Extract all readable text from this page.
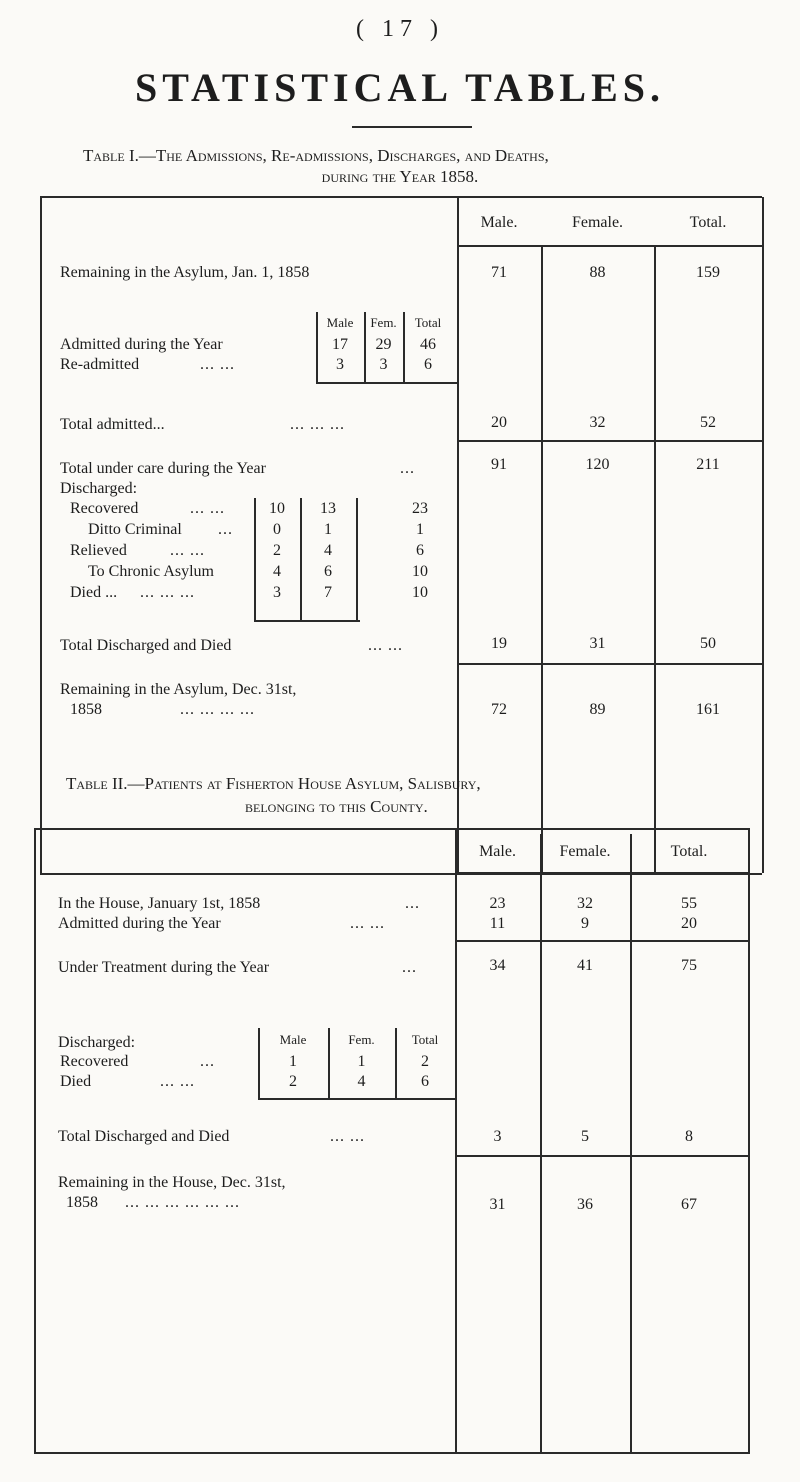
( 17 )
STATISTICAL TABLES.
Table I.—The Admissions, Re-admissions, Discharges, and Deaths,
during the Year 1858.
Male.	Female.	Total.
Remaining in the Asylum, Jan. 1, 1858	71	88	159
Male	Fem.	Total
Admitted during the Year	17	29	46
Re-admitted	... ...	3	3	6
Total admitted...	... ... ...	20	32	52
Total under care during the Year	...	91	120	211
Discharged:
Recovered	... ...	10	13	23
Ditto Criminal ...	0	1	1
Relieved	... ...	2	4	6
To Chronic Asylum	4	6	10
Died ... ... ... ...	3	7	10
Total Discharged and Died	... ...	19	31	50
Remaining in the Asylum, Dec. 31st,
1858	... ... ... ...	72	89	161
Table II.—Patients at Fisherton House Asylum, Salisbury,
belonging to this County.
Male.	Female.	Total.
In the House, January 1st, 1858	...	23	32	55
Admitted during the Year	... ...	11	9	20
Under Treatment during the Year	...	34	41	75
Discharged:	Male	Fem.	Total
Recovered	...	1	1	2
Died	... ...	2	4	6
Total Discharged and Died	... ...	3	5	8
Remaining in the House, Dec. 31st,
1858 ... ... ... ... ... ...	31	36	67
